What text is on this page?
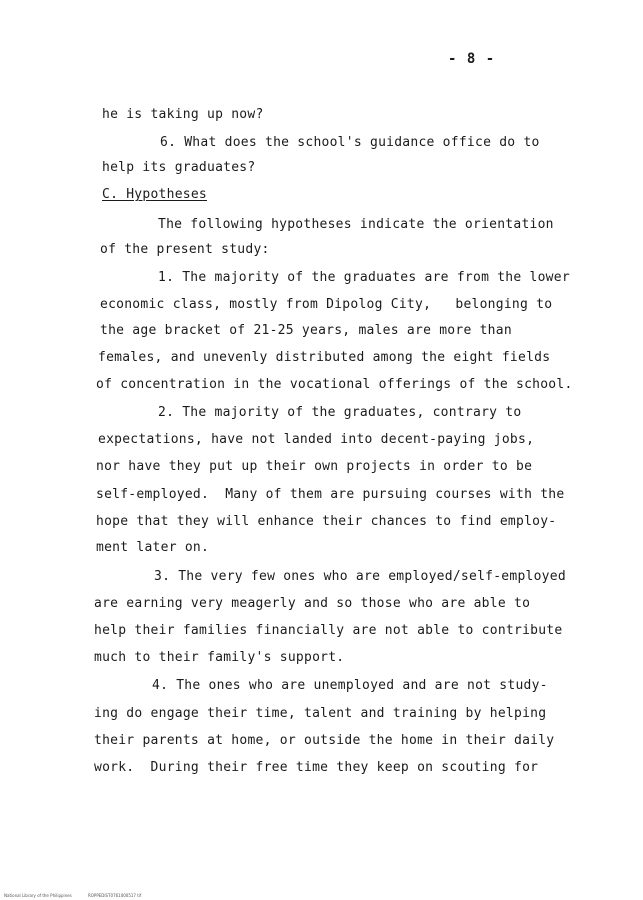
- 8 -
he is taking up now?
6. What does the school's guidance office do to
help its graduates?
C. Hypotheses
The following hypotheses indicate the orientation
of the present study:
1. The majority of the graduates are from the lower
economic class, mostly from Dipolog City,   belonging to
the age bracket of 21-25 years, males are more than
females, and unevenly distributed among the eight fields
of concentration in the vocational offerings of the school.
2. The majority of the graduates, contrary to
expectations, have not landed into decent-paying jobs,
nor have they put up their own projects in order to be
self-employed.  Many of them are pursuing courses with the
hope that they will enhance their chances to find employ-
ment later on.
3. The very few ones who are employed/self-employed
are earning very meagerly and so those who are able to
help their families financially are not able to contribute
much to their family's support.
4. The ones who are unemployed and are not study-
ing do engage their time, talent and training by helping
their parents at home, or outside the home in their daily
work.  During their free time they keep on scouting for
National Library of the Philippines	ROPPEDIST0761000517 tif
